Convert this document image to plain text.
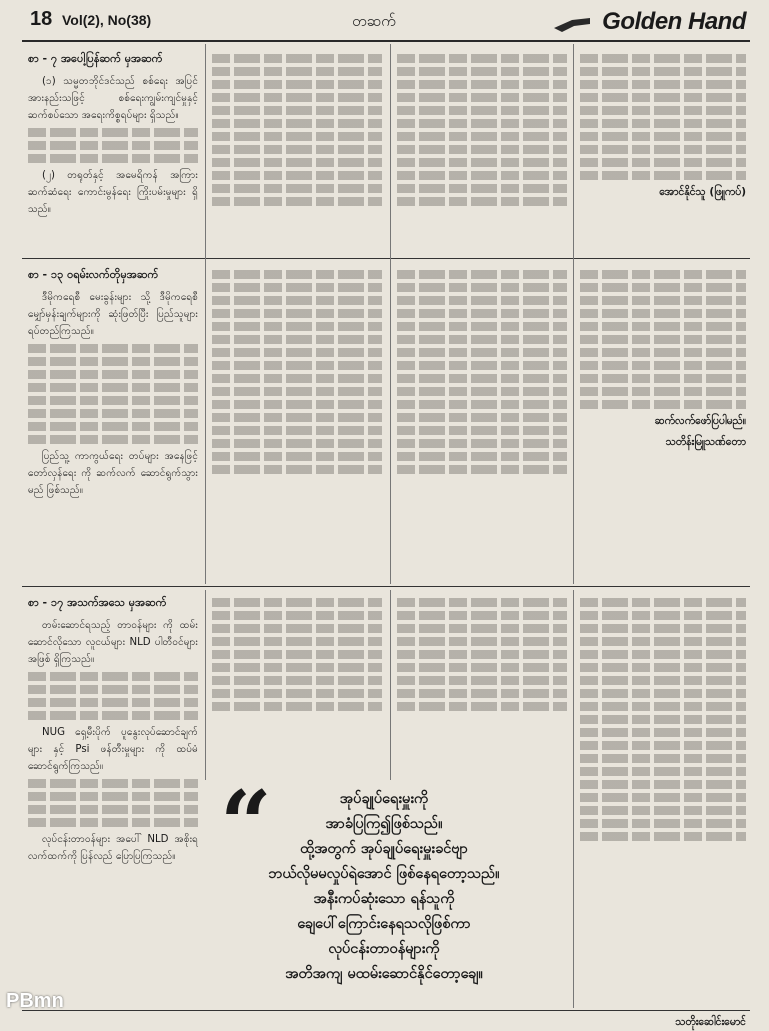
18 Vol(2), No(38)	တဆက်	Golden Hand
စာ - ၇ အပေါ့ပြန်ဆက် မှအဆက်

(၁) သမ္မတဘိုင်ဒင်သည် စစ်ရေး အပြင် အားနည်းသဖြင့် စစ်ရေးကျွမ်းကျင်မှုနှင့် ဆက်စပ်သော အရေးကိစ္စရပ်များ ရှိသည်။

(၂) တရုတ်နှင့် အမေရိကန် အကြား ဆက်ဆံရေး ကောင်းမွန်ရေး ကြိုးပမ်းမှုများ ရှိသည်။

အောင်နိုင်သူ (ဖြူကပ်)
စာ - ၁၃ ဝရမ်းလက်တိုမှအဆက်

ဒီမိုကရေစီ မေးခွန်းများ သို့ ဒီမိုကရေစီ မျှော်မှန်းချက်များကို ဆုံးဖြတ်ပြီး ပြည်သူများ ရပ်တည်ကြသည်။

ပြည်သူ့ ကာကွယ်ရေး တပ်များ အနေဖြင့် တော်လှန်ရေး ကို ဆက်လက် ဆောင်ရွက်သွားမည် ဖြစ်သည်။

ဆက်လက်ဖော်ပြပါမည်။
သတိန်းမြူသဏ်တော
စာ - ၁၇ အသက်အသေ မှအဆက်

တမ်းဆောင်ရသည့် တာဝန်များ ကို ထမ်းဆောင်လိုသော လူငယ်များ NLD ပါတီဝင်များ အဖြစ် ရှိကြသည်။

NUG ရှေ့မီးပိုက် ပူနွေးလုပ်ဆောင်ချက်များ နှင့် Psi ဖန်တီးမှုများ ကို ထပ်မံ ဆောင်ရွက်ကြသည်။

လုပ်ငန်းတာဝန်များ အပေါ် NLD အစိုးရ လက်ထက်ကို ပြန်လည် ပြောပြကြသည်။

သတိုးဆေါင်းမောင်
“	အုပ်ချုပ်ရေးမှူးကို
အာခံပြကြ၍ဖြစ်သည်။
ထို့အတွက် အုပ်ချုပ်ရေးမှူးခင်ဗျာ
ဘယ်လိုမမလှုပ်ရဲအောင် ဖြစ်နေရတော့သည်။
အနီးကပ်ဆုံးသော ရန်သူကို
ချေပေါ်ကြောင်းနေရသလိုဖြစ်ကာ
လုပ်ငန်းတာဝန်များကို
အတိအကျ မထမ်းဆောင်နိုင်တော့ချေ။
PBmn
